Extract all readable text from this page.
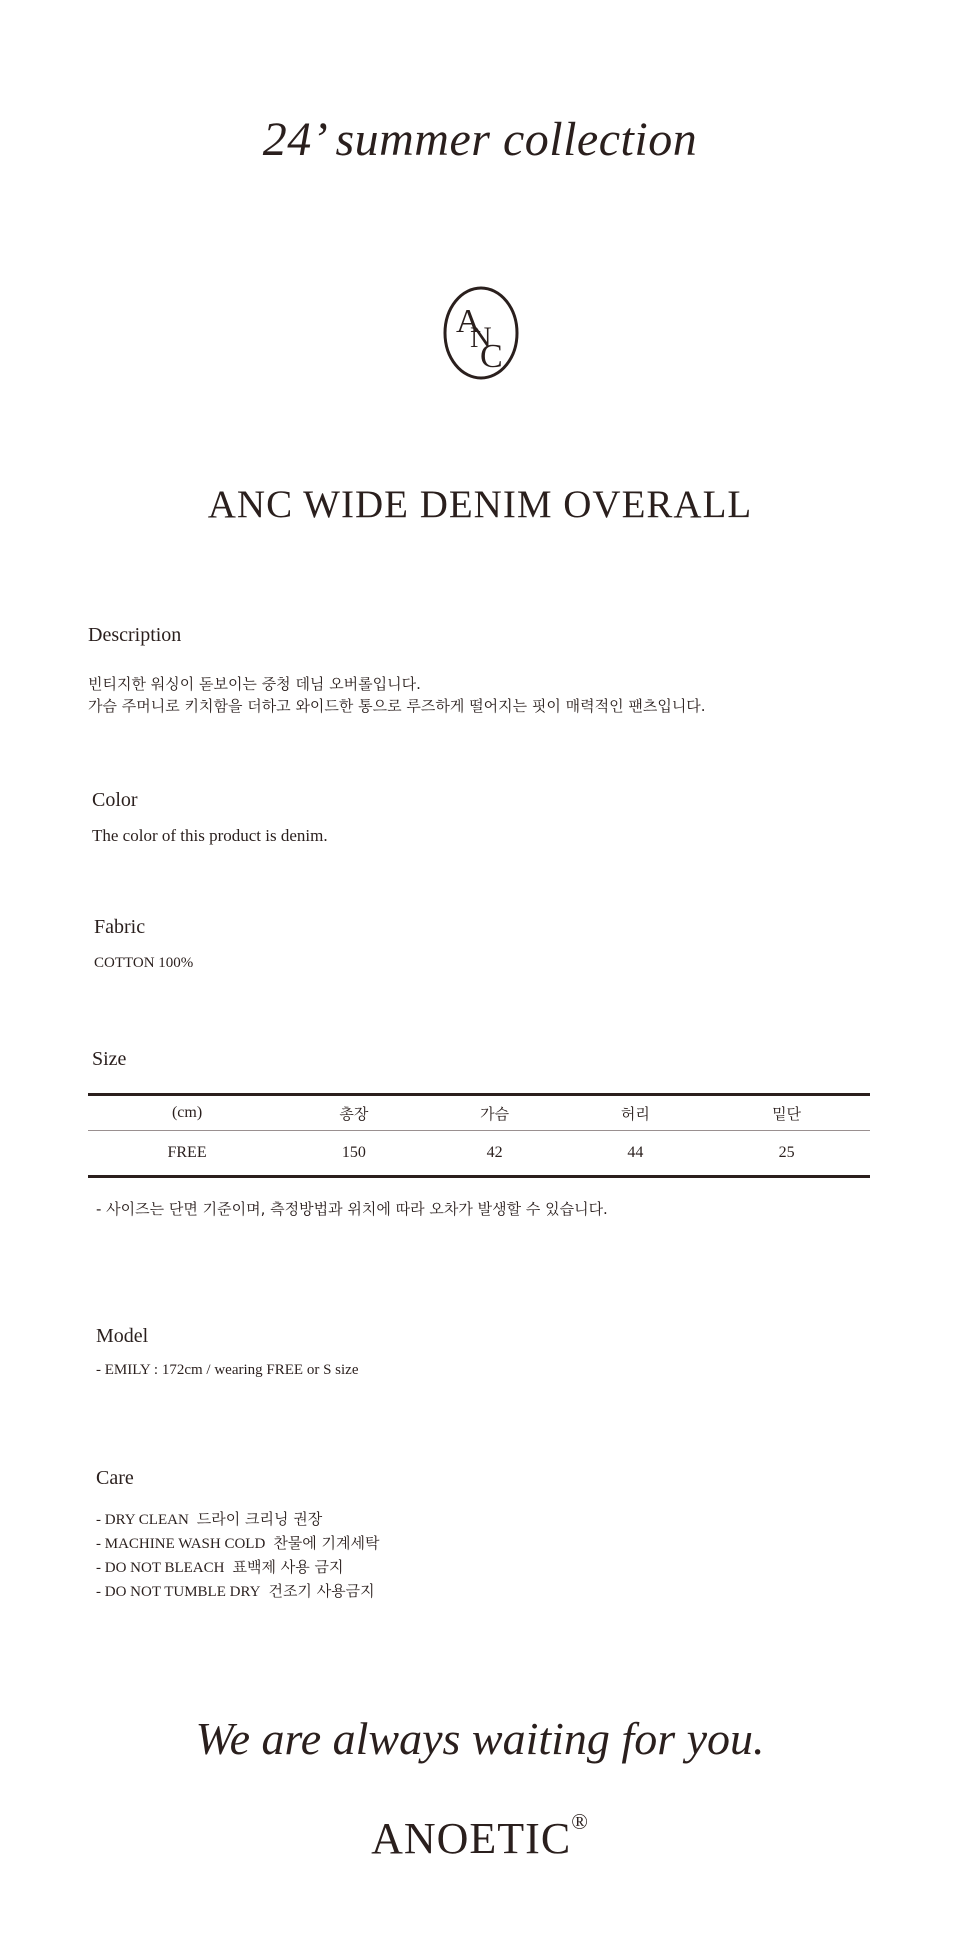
24’ summer collection
A
N
C
ANC WIDE DENIM OVERALL
Description
빈티지한 워싱이 돋보이는 중청 데님 오버롤입니다.
가슴 주머니로 키치함을 더하고 와이드한 통으로 루즈하게 떨어지는 핏이 매력적인 팬츠입니다.
Color
The color of this product is denim.
Fabric
COTTON 100%
Size
(cm)	총장	가슴	허리	밑단
FREE	150	42	44	25
- 사이즈는 단면 기준이며, 측정방법과 위치에 따라 오차가 발생할 수 있습니다.
Model
- EMILY : 172cm / wearing FREE or S size
Care
- DRY CLEAN 드라이 크리닝 권장
- MACHINE WASH COLD 찬물에 기계세탁
- DO NOT BLEACH 표백제 사용 금지
- DO NOT TUMBLE DRY 건조기 사용금지
We are always waiting for you.
ANOETIC®
